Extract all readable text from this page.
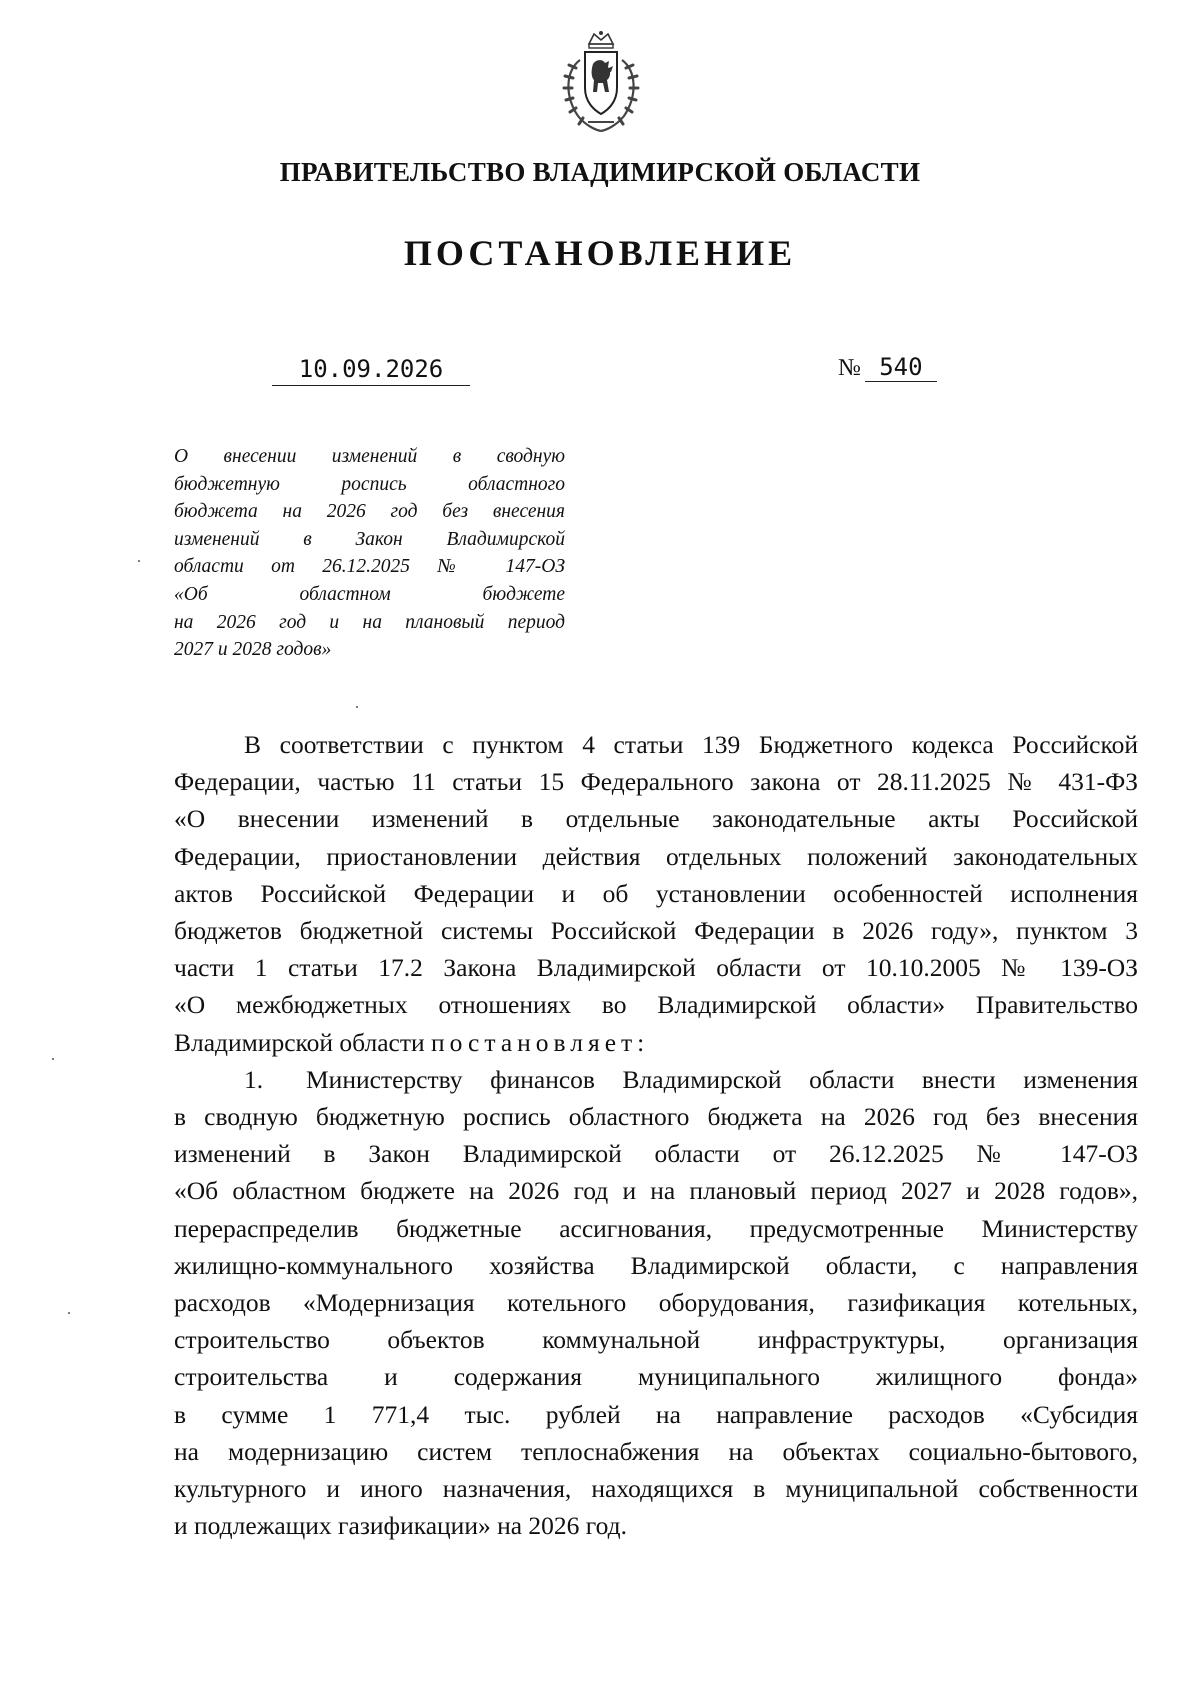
ПРАВИТЕЛЬСТВО ВЛАДИМИРСКОЙ ОБЛАСТИ
ПОСТАНОВЛЕНИЕ
10.09.2026	№ 540
О внесении изменений в сводную
бюджетную роспись областного
бюджета на 2026 год без внесения
изменений в Закон Владимирской
области от 26.12.2025 № 147-ОЗ
«Об областном бюджете
на 2026 год и на плановый период
2027 и 2028 годов»
В соответствии с пунктом 4 статьи 139 Бюджетного кодекса Российской
Федерации, частью 11 статьи 15 Федерального закона от 28.11.2025 № 431-ФЗ
«О внесении изменений в отдельные законодательные акты Российской
Федерации, приостановлении действия отдельных положений законодательных
актов Российской Федерации и об установлении особенностей исполнения
бюджетов бюджетной системы Российской Федерации в 2026 году», пунктом 3
части 1 статьи 17.2 Закона Владимирской области от 10.10.2005 № 139-ОЗ
«О межбюджетных отношениях во Владимирской области» Правительство
Владимирской области постановляет:
1. Министерству финансов Владимирской области внести изменения
в сводную бюджетную роспись областного бюджета на 2026 год без внесения
изменений в Закон Владимирской области от 26.12.2025 № 147-ОЗ
«Об областном бюджете на 2026 год и на плановый период 2027 и 2028 годов»,
перераспределив бюджетные ассигнования, предусмотренные Министерству
жилищно-коммунального хозяйства Владимирской области, с направления
расходов «Модернизация котельного оборудования, газификация котельных,
строительство объектов коммунальной инфраструктуры, организация
строительства и содержания муниципального жилищного фонда»
в сумме 1 771,4 тыс. рублей на направление расходов «Субсидия
на модернизацию систем теплоснабжения на объектах социально-бытового,
культурного и иного назначения, находящихся в муниципальной собственности
и подлежащих газификации» на 2026 год.
